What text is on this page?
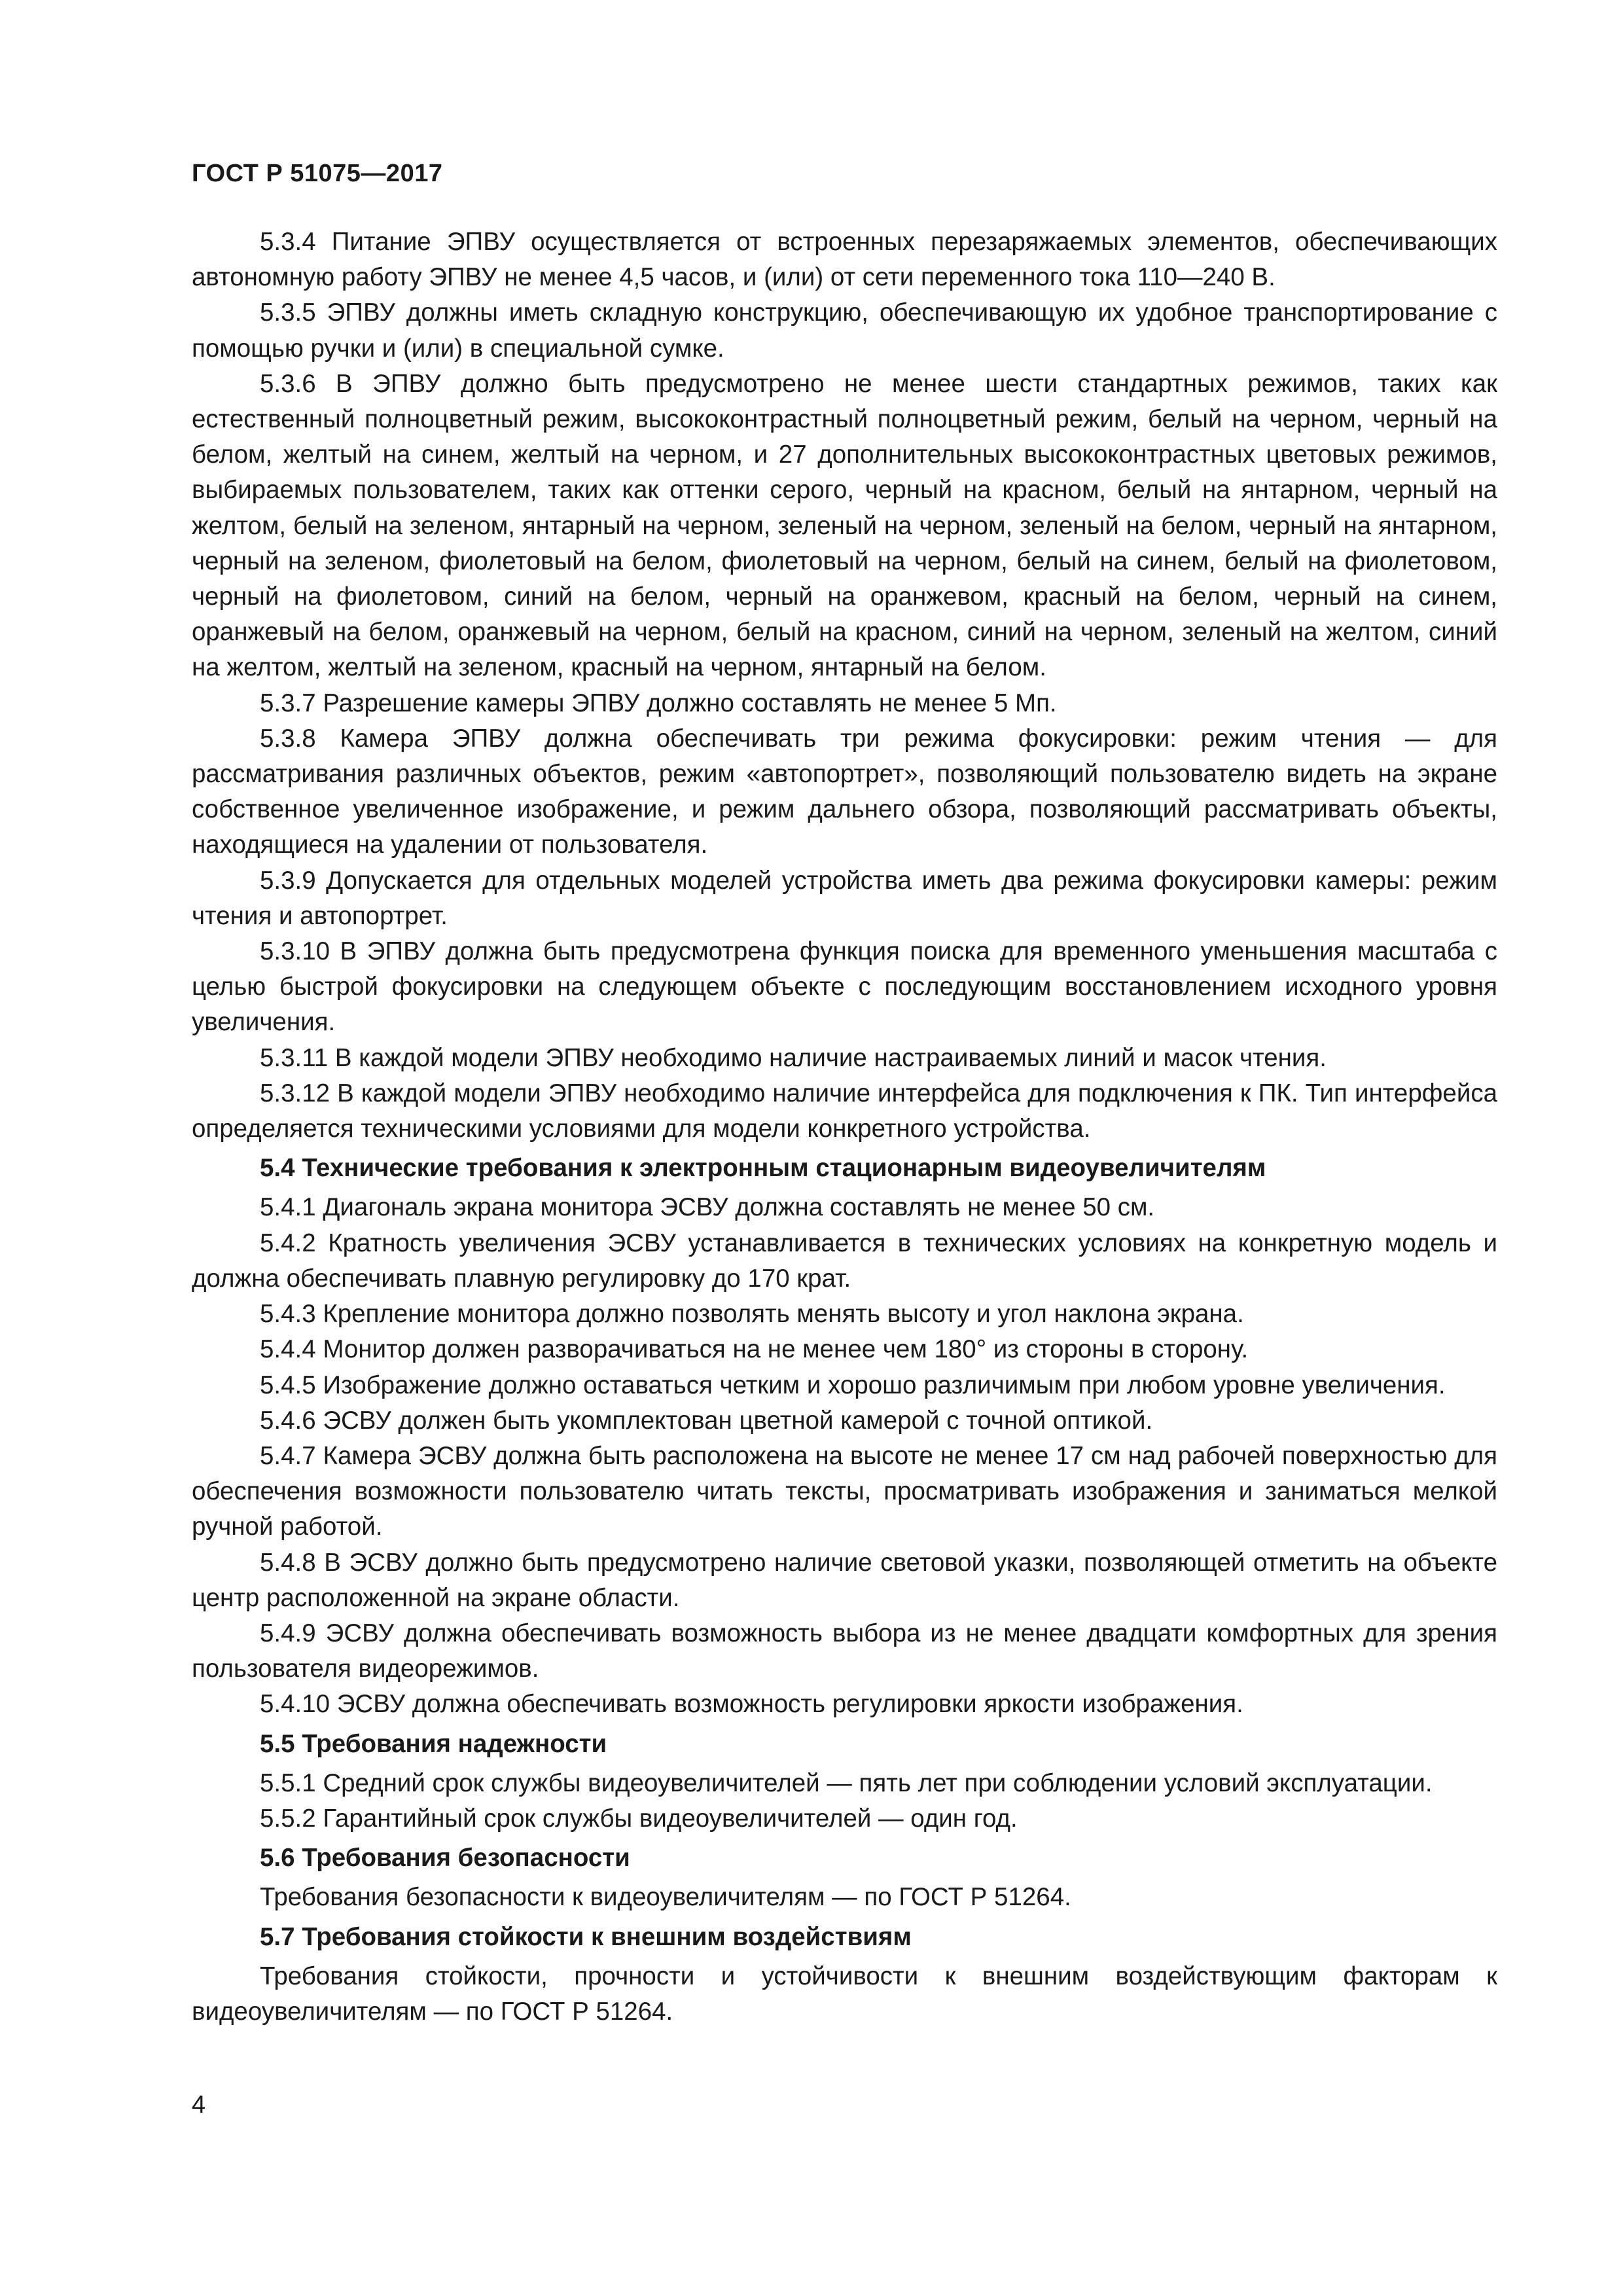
ГОСТ Р 51075—2017

5.3.4 Питание ЭПВУ осуществляется от встроенных перезаряжаемых элементов, обеспечивающих автономную работу ЭПВУ не менее 4,5 часов, и (или) от сети переменного тока 110—240 В.

5.3.5 ЭПВУ должны иметь складную конструкцию, обеспечивающую их удобное транспортирование с помощью ручки и (или) в специальной сумке.

5.3.6 В ЭПВУ должно быть предусмотрено не менее шести стандартных режимов, таких как естественный полноцветный режим, высококонтрастный полноцветный режим, белый на черном, черный на белом, желтый на синем, желтый на черном, и 27 дополнительных высококонтрастных цветовых режимов, выбираемых пользователем, таких как оттенки серого, черный на красном, белый на янтарном, черный на желтом, белый на зеленом, янтарный на черном, зеленый на черном, зеленый на белом, черный на янтарном, черный на зеленом, фиолетовый на белом, фиолетовый на черном, белый на синем, белый на фиолетовом, черный на фиолетовом, синий на белом, черный на оранжевом, красный на белом, черный на синем, оранжевый на белом, оранжевый на черном, белый на красном, синий на черном, зеленый на желтом, синий на желтом, желтый на зеленом, красный на черном, янтарный на белом.

5.3.7 Разрешение камеры ЭПВУ должно составлять не менее 5 Мп.

5.3.8 Камера ЭПВУ должна обеспечивать три режима фокусировки: режим чтения — для рассматривания различных объектов, режим «автопортрет», позволяющий пользователю видеть на экране собственное увеличенное изображение, и режим дальнего обзора, позволяющий рассматривать объекты, находящиеся на удалении от пользователя.

5.3.9 Допускается для отдельных моделей устройства иметь два режима фокусировки камеры: режим чтения и автопортрет.

5.3.10 В ЭПВУ должна быть предусмотрена функция поиска для временного уменьшения масштаба с целью быстрой фокусировки на следующем объекте с последующим восстановлением исходного уровня увеличения.

5.3.11 В каждой модели ЭПВУ необходимо наличие настраиваемых линий и масок чтения.

5.3.12 В каждой модели ЭПВУ необходимо наличие интерфейса для подключения к ПК. Тип интерфейса определяется техническими условиями для модели конкретного устройства.

5.4 Технические требования к электронным стационарным видеоувеличителям

5.4.1 Диагональ экрана монитора ЭСВУ должна составлять не менее 50 см.

5.4.2 Кратность увеличения ЭСВУ устанавливается в технических условиях на конкретную модель и должна обеспечивать плавную регулировку до 170 крат.

5.4.3 Крепление монитора должно позволять менять высоту и угол наклона экрана.

5.4.4 Монитор должен разворачиваться на не менее чем 180° из стороны в сторону.

5.4.5 Изображение должно оставаться четким и хорошо различимым при любом уровне увеличения.

5.4.6 ЭСВУ должен быть укомплектован цветной камерой с точной оптикой.

5.4.7 Камера ЭСВУ должна быть расположена на высоте не менее 17 см над рабочей поверхностью для обеспечения возможности пользователю читать тексты, просматривать изображения и заниматься мелкой ручной работой.

5.4.8 В ЭСВУ должно быть предусмотрено наличие световой указки, позволяющей отметить на объекте центр расположенной на экране области.

5.4.9 ЭСВУ должна обеспечивать возможность выбора из не менее двадцати комфортных для зрения пользователя видеорежимов.

5.4.10 ЭСВУ должна обеспечивать возможность регулировки яркости изображения.

5.5 Требования надежности

5.5.1 Средний срок службы видеоувеличителей — пять лет при соблюдении условий эксплуатации.

5.5.2 Гарантийный срок службы видеоувеличителей — один год.

5.6 Требования безопасности

Требования безопасности к видеоувеличителям — по ГОСТ Р 51264.

5.7 Требования стойкости к внешним воздействиям

Требования стойкости, прочности и устойчивости к внешним воздействующим факторам к видеоувеличителям — по ГОСТ Р 51264.

4
